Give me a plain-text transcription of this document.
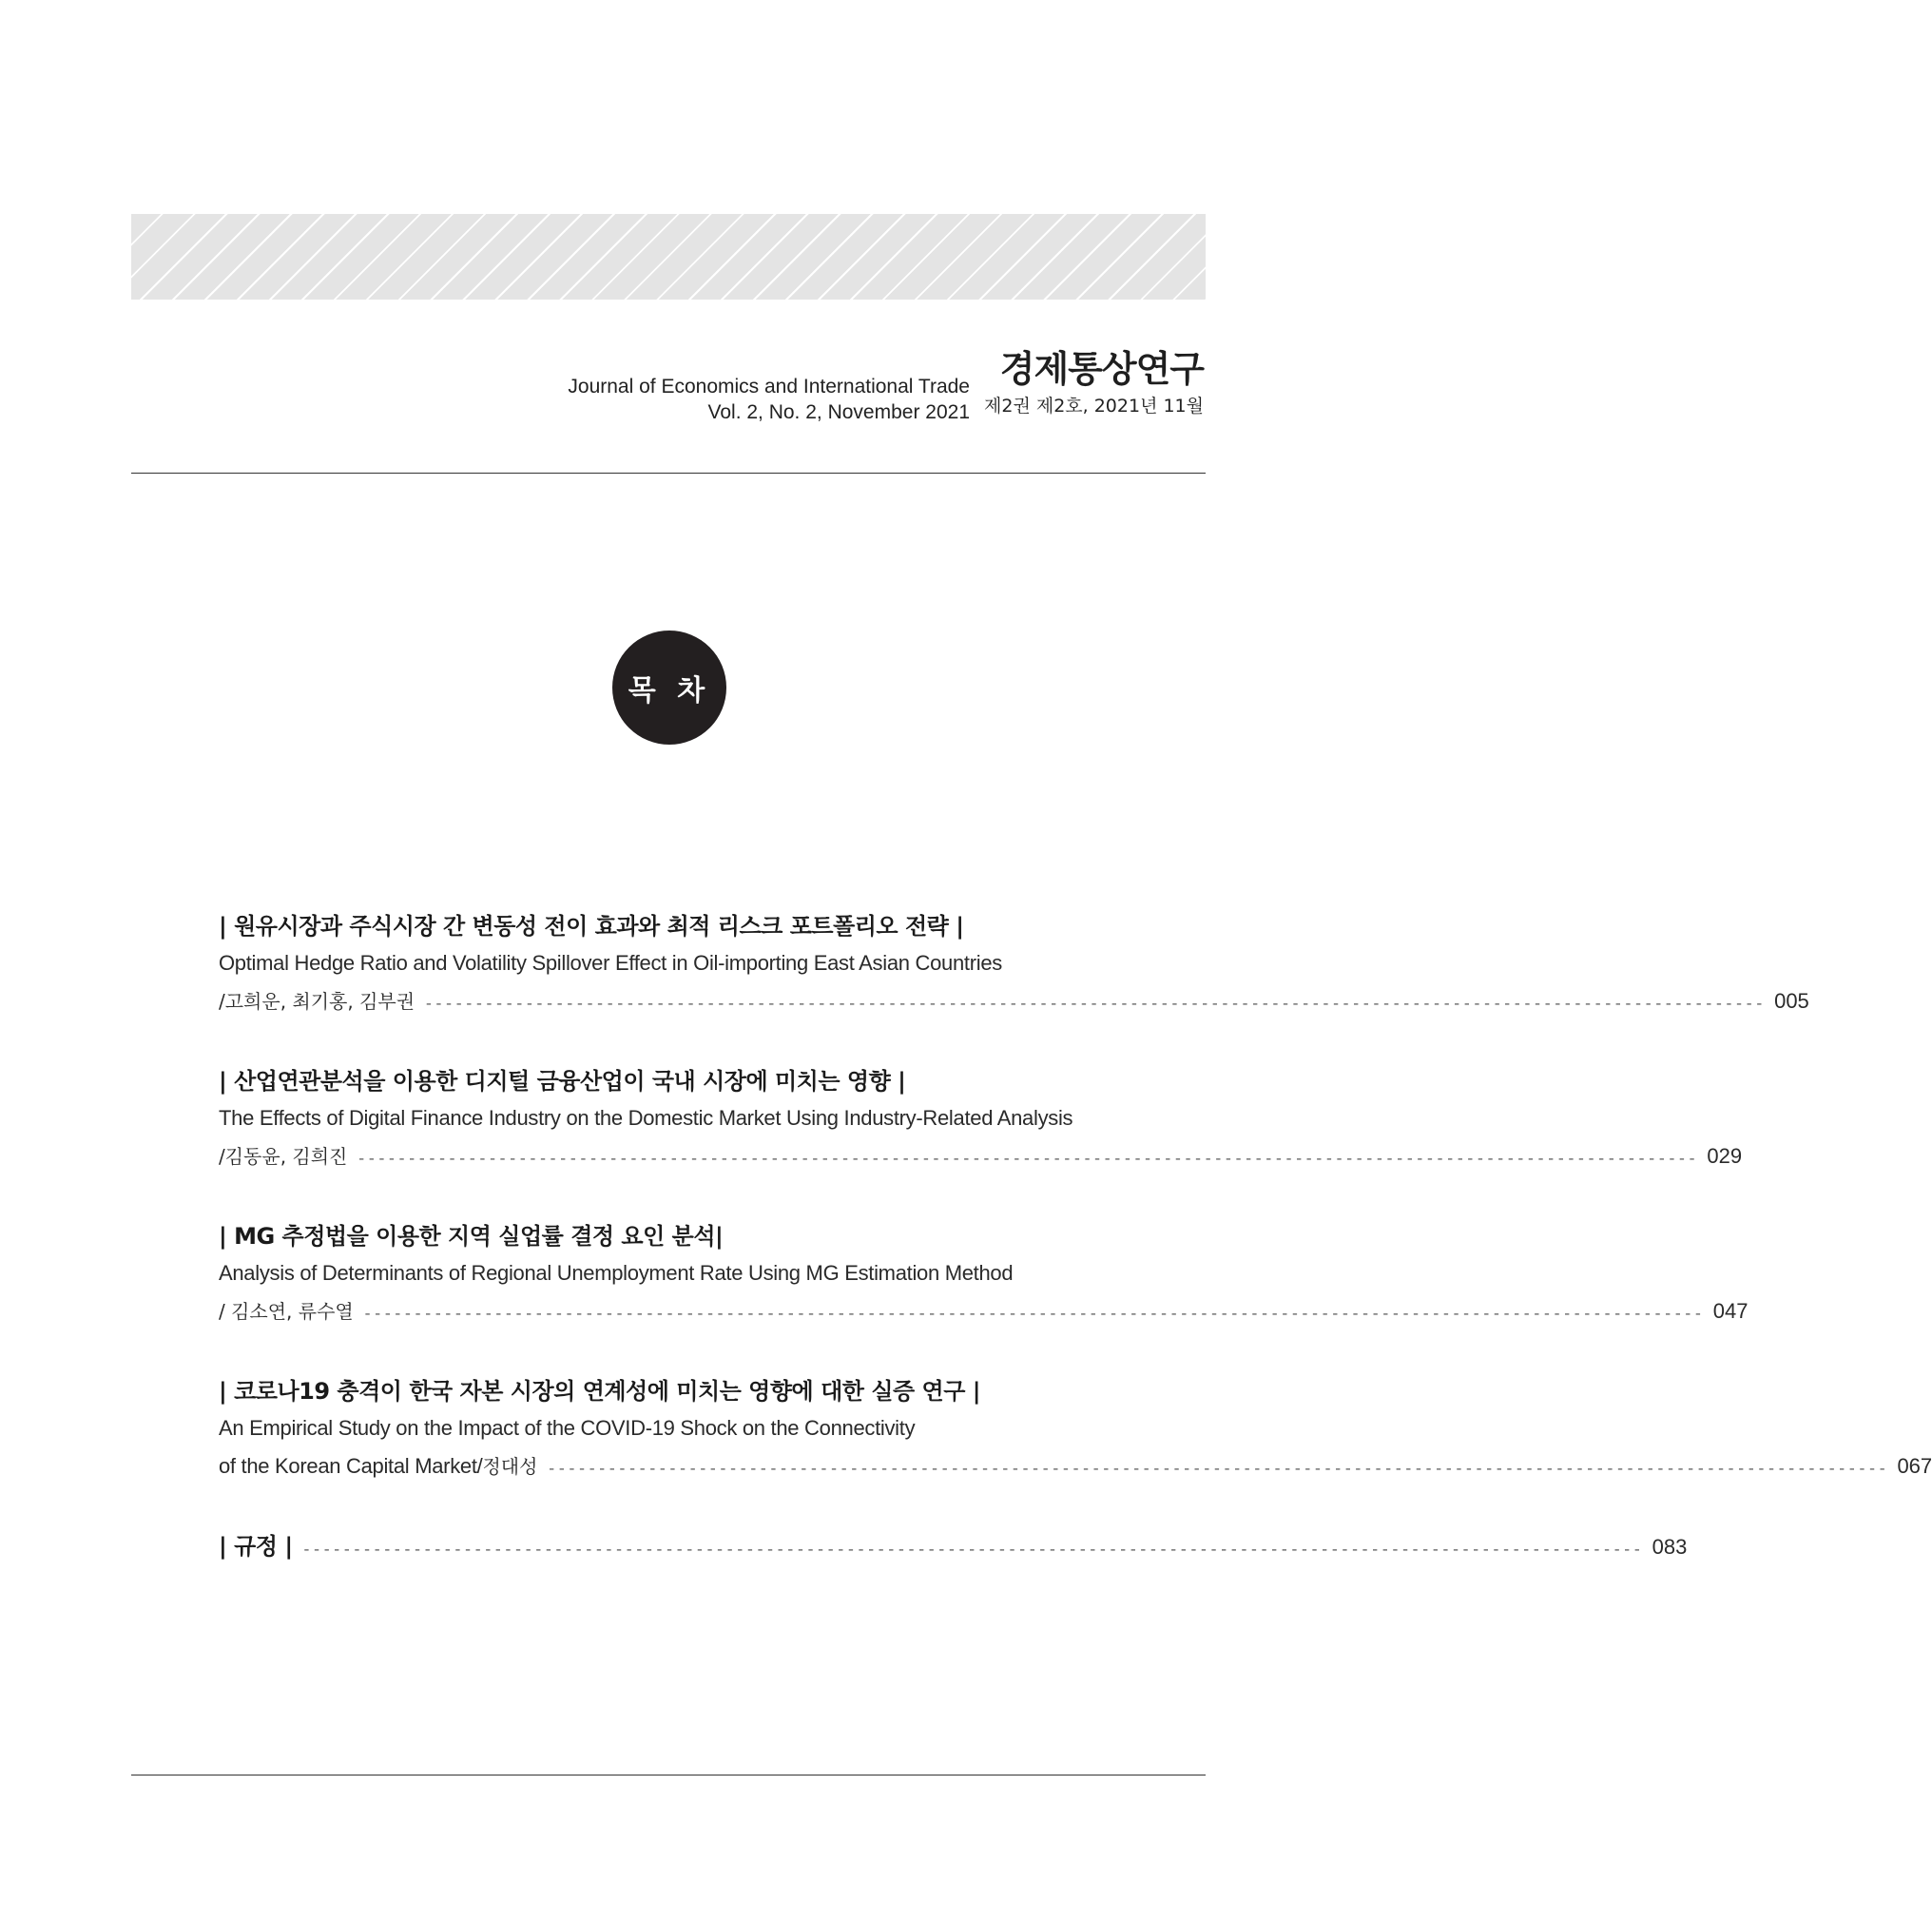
Journal of Economics and International Trade
Vol. 2, No. 2, November 2021
경제통상연구
제2권 제2호, 2021년 11월
목 차
| 원유시장과 주식시장 간 변동성 전이 효과와 최적 리스크 포트폴리오 전략 |
Optimal Hedge Ratio and Volatility Spillover Effect in Oil-importing East Asian Countries
/고희운, 최기홍, 김부권 ------------------------------------------------------------------------------------------------------------------------------------- 005
| 산업연관분석을 이용한 디지털 금융산업이 국내 시장에 미치는 영향 |
The Effects of Digital Finance Industry on the Domestic Market Using Industry-Related Analysis
/김동윤, 김희진 ------------------------------------------------------------------------------------------------------------------------------------- 029
| MG 추정법을 이용한 지역 실업률 결정 요인 분석|
Analysis of Determinants of Regional Unemployment Rate Using MG Estimation Method
/ 김소연, 류수열 ------------------------------------------------------------------------------------------------------------------------------------- 047
| 코로나19 충격이 한국 자본 시장의 연계성에 미치는 영향에 대한 실증 연구 |
An Empirical Study on the Impact of the COVID-19 Shock on the Connectivity
of the Korean Capital Market/ 정대성 ------------------------------------------------------------------------------------------------------------------------------------- 067
| 규정 | ------------------------------------------------------------------------------------------------------------------------------------- 083
